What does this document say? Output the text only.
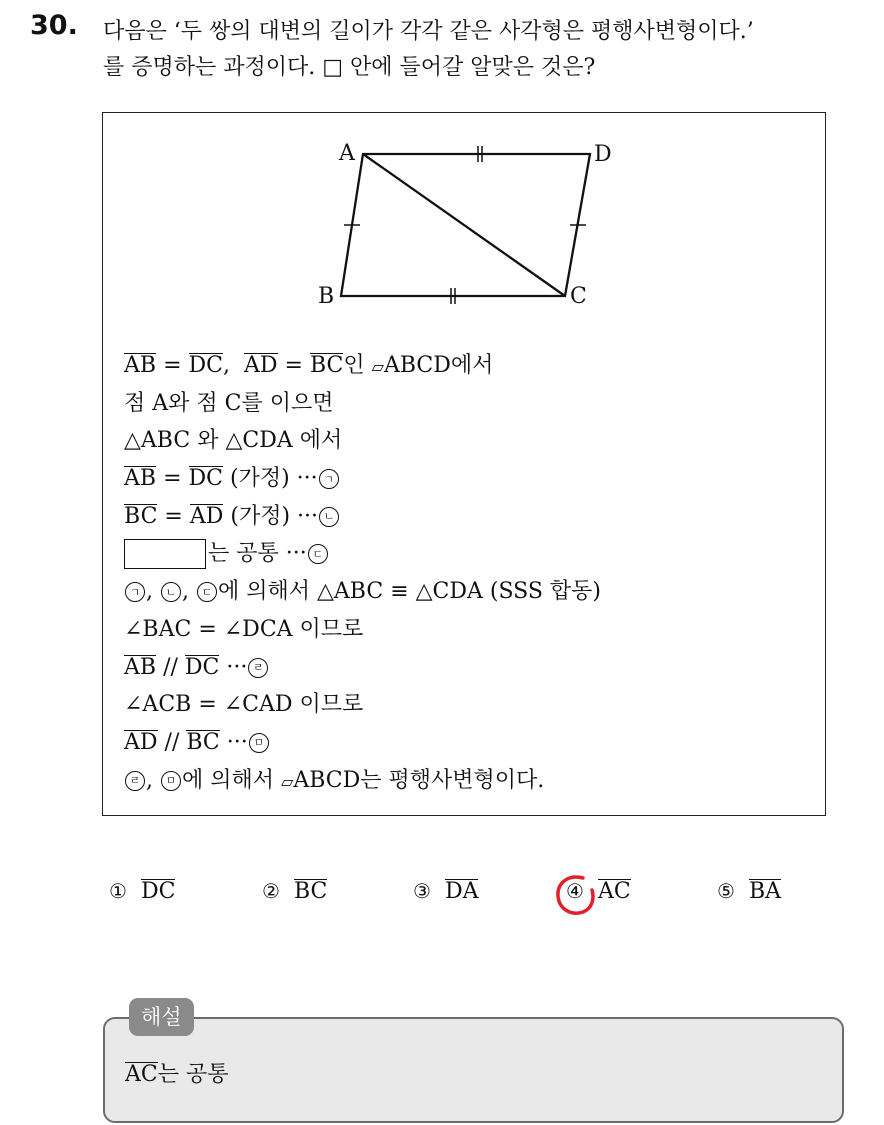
30. 다음은 ‘두 쌍의 대변의 길이가 각각 같은 사각형은 평행사변형이다.’
를 증명하는 과정이다. □ 안에 들어갈 알맞은 것은?
A	D
B	C
AB = DC, AD = BC인 ▱ABCD에서
점 A와 점 C를 이으면
△ABC 와 △CDA 에서
AB = DC (가정) ··· ㄱ
BC = AD (가정) ··· ㄴ
는 공통 ··· ㄷ
ㄱ , ㄴ , ㄷ 에 의해서 △ABC ≡ △CDA (SSS 합동)
∠BAC = ∠DCA 이므로
AB // DC ··· ㄹ
∠ACB = ∠CAD 이므로
AD // BC ··· ㅁ
ㄹ , ㅁ 에 의해서 ▱ABCD는 평행사변형이다.
① DC	② BC	③ DA	④ AC	⑤ BA
AC는 공통
해설
